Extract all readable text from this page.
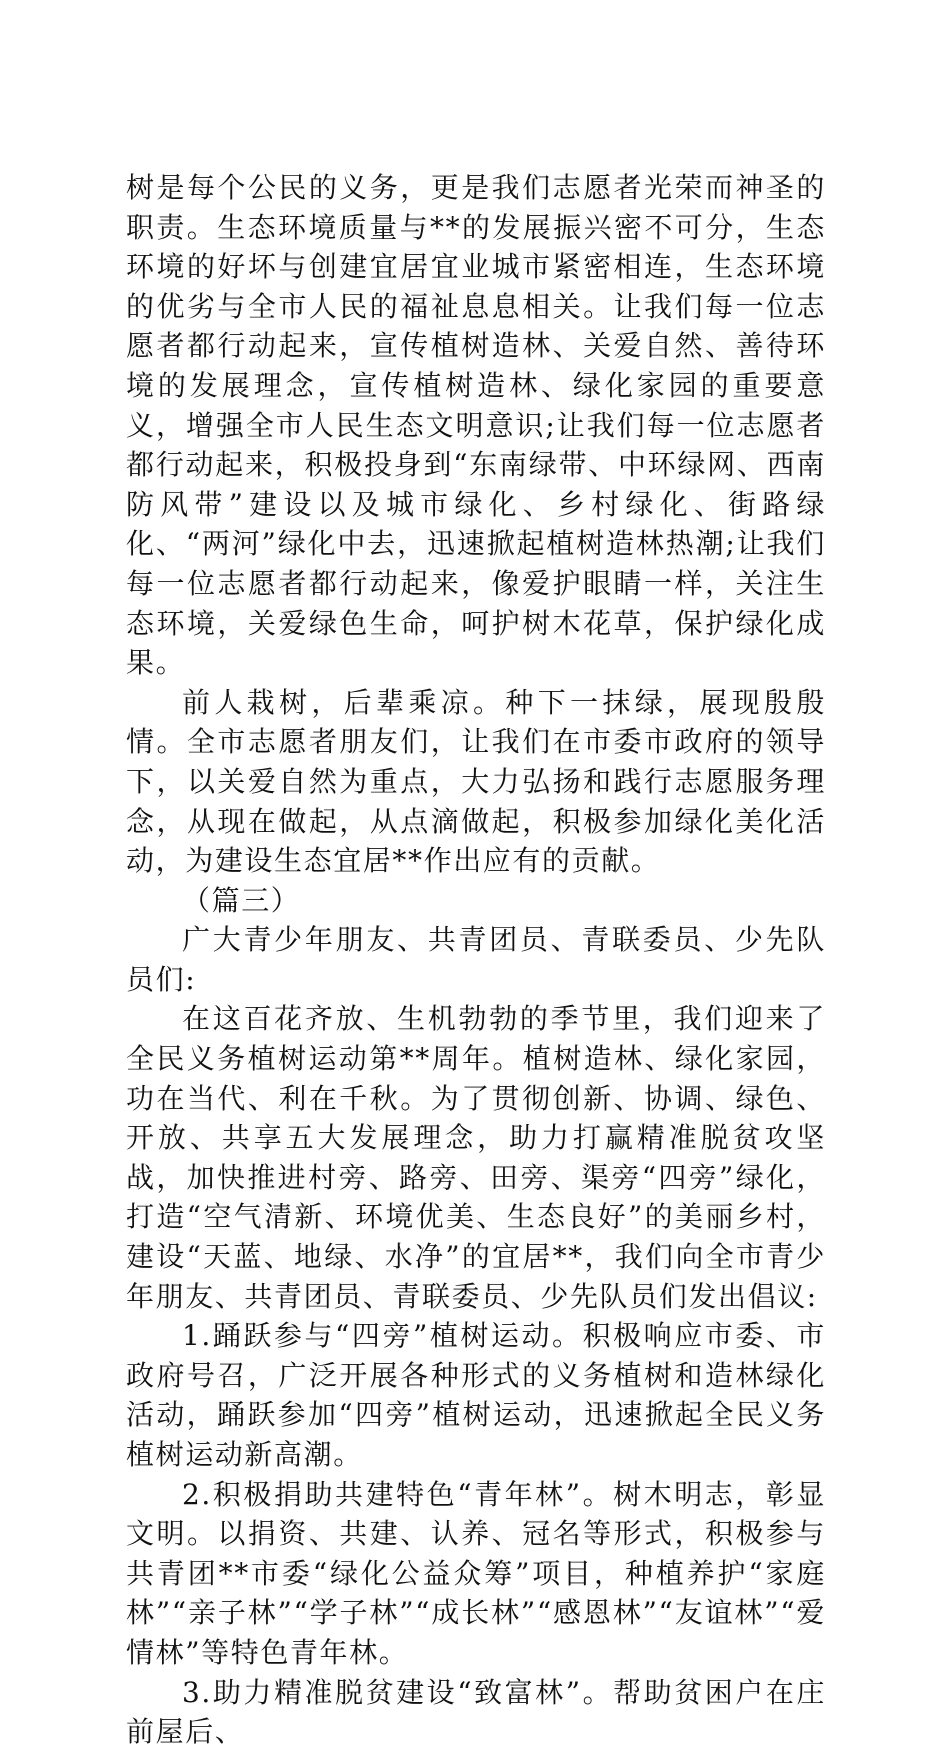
树是每个公民的义务，更是我们志愿者光荣而神圣的职责。生态环境质量与**的发展振兴密不可分，生态环境的好坏与创建宜居宜业城市紧密相连，生态环境的优劣与全市人民的福祉息息相关。让我们每一位志愿者都行动起来，宣传植树造林、关爱自然、善待环境的发展理念，宣传植树造林、绿化家园的重要意义，增强全市人民生态文明意识;让我们每一位志愿者都行动起来，积极投身到“东南绿带、中环绿网、西南防风带”建设以及城市绿化、乡村绿化、街路绿化、“两河”绿化中去，迅速掀起植树造林热潮;让我们每一位志愿者都行动起来，像爱护眼睛一样，关注生态环境，关爱绿色生命，呵护树木花草，保护绿化成果。

前人栽树，后辈乘凉。种下一抹绿，展现殷殷情。全市志愿者朋友们，让我们在市委市政府的领导下，以关爱自然为重点，大力弘扬和践行志愿服务理念，从现在做起，从点滴做起，积极参加绿化美化活动，为建设生态宜居**作出应有的贡献。

（篇三）

广大青少年朋友、共青团员、青联委员、少先队员们:

在这百花齐放、生机勃勃的季节里，我们迎来了全民义务植树运动第**周年。植树造林、绿化家园，功在当代、利在千秋。为了贯彻创新、协调、绿色、开放、共享五大发展理念，助力打赢精准脱贫攻坚战，加快推进村旁、路旁、田旁、渠旁“四旁”绿化，打造“空气清新、环境优美、生态良好”的美丽乡村，建设“天蓝、地绿、水净”的宜居**，我们向全市青少年朋友、共青团员、青联委员、少先队员们发出倡议:

1.踊跃参与“四旁”植树运动。积极响应市委、市政府号召，广泛开展各种形式的义务植树和造林绿化活动，踊跃参加“四旁”植树运动，迅速掀起全民义务植树运动新高潮。

2.积极捐助共建特色“青年林”。树木明志，彰显文明。以捐资、共建、认养、冠名等形式，积极参与共青团**市委“绿化公益众筹”项目，种植养护“家庭林”“亲子林”“学子林”“成长林”“感恩林”“友谊林”“爱情林”等特色青年林。

3.助力精准脱贫建设“致富林”。帮助贫困户在庄前屋后、
